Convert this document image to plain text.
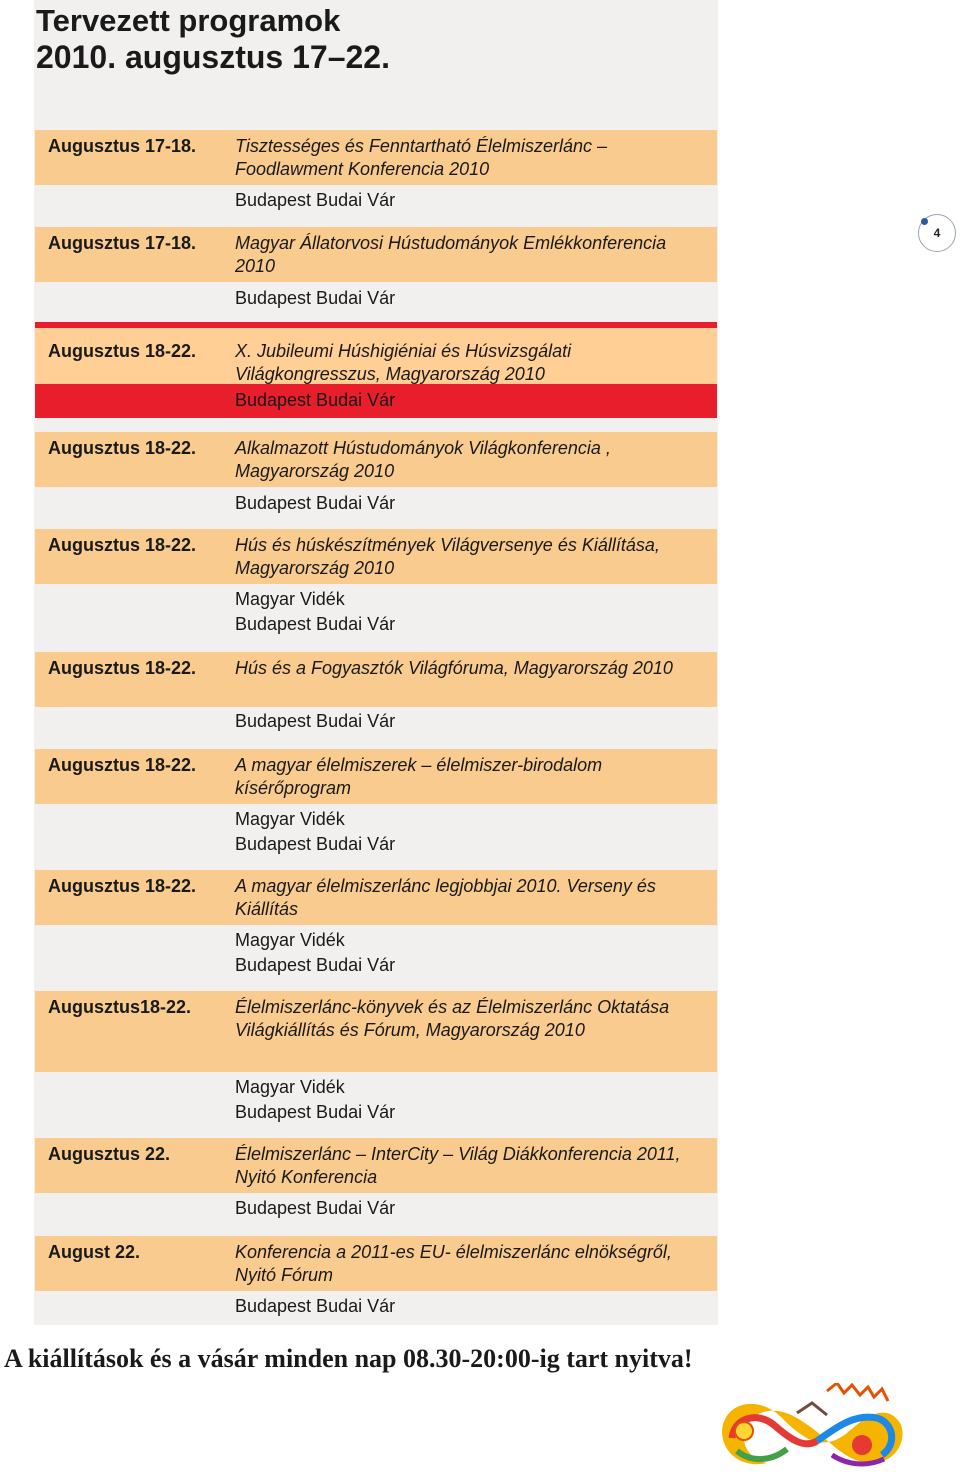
Tervezett programok
2010. augusztus 17–22.
4
Augusztus 17-18. Tisztességes és Fenntartható Élelmiszerlánc – Foodlawment Konferencia 2010
Budapest Budai Vár
Augusztus 17-18. Magyar Állatorvosi Hústudományok Emlékkonferencia 2010
Budapest Budai Vár
Augusztus 18-22. X. Jubileumi Húshigiéniai és Húsvizsgálati Világkongresszus, Magyarország 2010
Budapest Budai Vár
Augusztus 18-22. Alkalmazott Hústudományok Világkonferencia , Magyarország 2010
Budapest Budai Vár
Augusztus 18-22. Hús és húskészítmények Világversenye és Kiállítása, Magyarország 2010
Magyar Vidék
Budapest Budai Vár
Augusztus 18-22. Hús és a Fogyasztók Világfóruma, Magyarország 2010
Budapest Budai Vár
Augusztus 18-22. A magyar élelmiszerek – élelmiszer-birodalom kísérőprogram
Magyar Vidék
Budapest Budai Vár
Augusztus 18-22. A magyar élelmiszerlánc legjobbjai 2010. Verseny és Kiállítás
Magyar Vidék
Budapest Budai Vár
Augusztus18-22. Élelmiszerlánc-könyvek és az Élelmiszerlánc Oktatása Világkiállítás és Fórum, Magyarország 2010
Magyar Vidék
Budapest Budai Vár
Augusztus 22.	Élelmiszerlánc – InterCity – Világ Diákkonferencia 2011, Nyitó Konferencia
Budapest Budai Vár
August 22.	Konferencia a 2011-es EU- élelmiszerlánc elnökségről, Nyitó Fórum
Budapest Budai Vár
A kiállítások és a vásár minden nap 08.30-20:00-ig tart nyitva!
